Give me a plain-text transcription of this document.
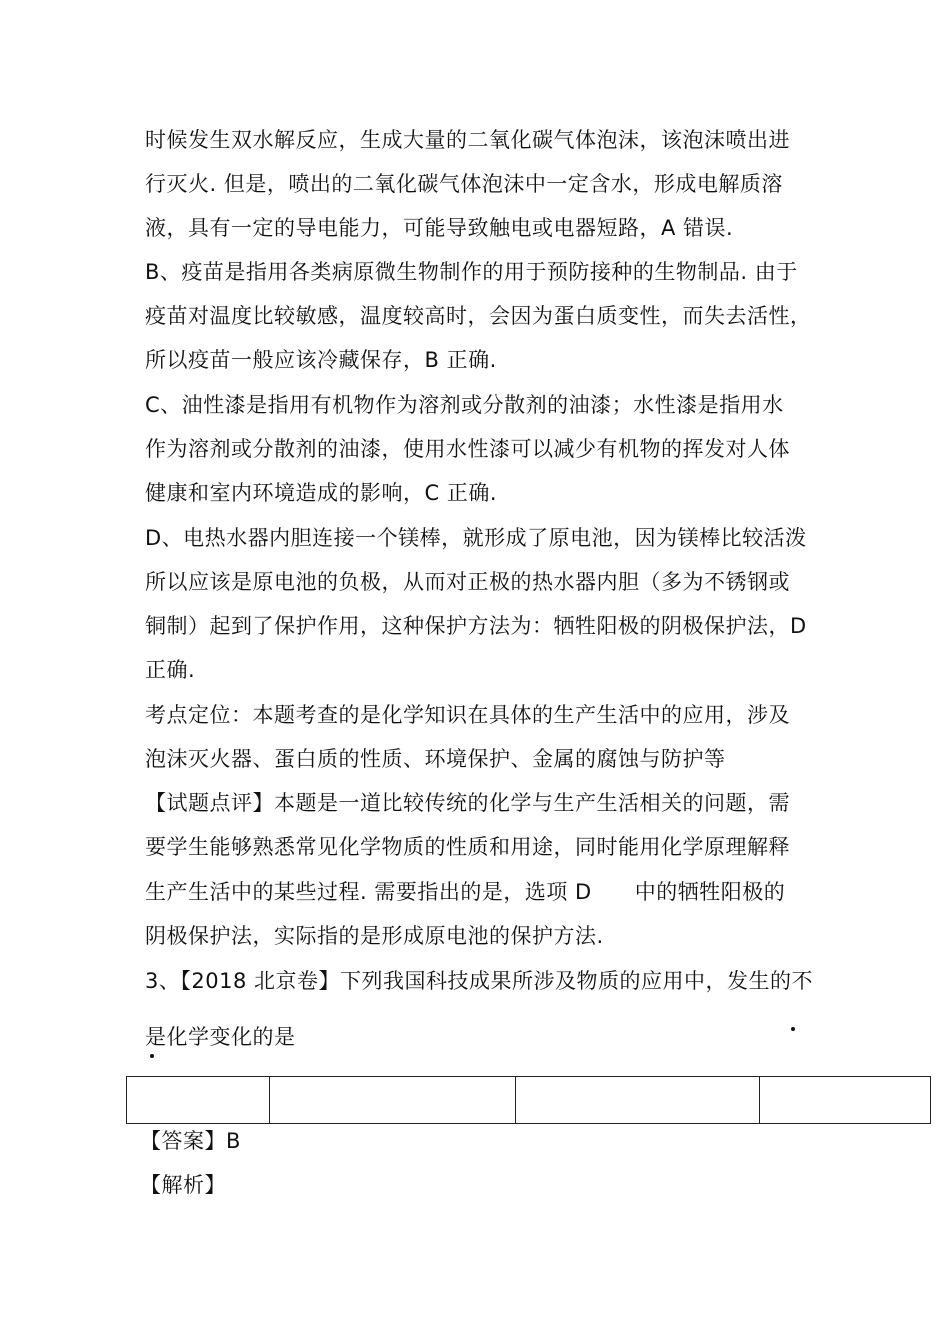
时候发生双水解反应，生成大量的二氧化碳气体泡沫，该泡沫喷出进
行灭火. 但是，喷出的二氧化碳气体泡沫中一定含水，形成电解质溶
液，具有一定的导电能力，可能导致触电或电器短路，A 错误.
B、疫苗是指用各类病原微生物制作的用于预防接种的生物制品. 由于
疫苗对温度比较敏感，温度较高时，会因为蛋白质变性，而失去活性，
所以疫苗一般应该冷藏保存，B 正确.
C、油性漆是指用有机物作为溶剂或分散剂的油漆；水性漆是指用水
作为溶剂或分散剂的油漆，使用水性漆可以减少有机物的挥发对人体
健康和室内环境造成的影响，C 正确.
D、电热水器内胆连接一个镁棒，就形成了原电池，因为镁棒比较活泼
所以应该是原电池的负极，从而对正极的热水器内胆（多为不锈钢或
铜制）起到了保护作用，这种保护方法为：牺牲阳极的阴极保护法，D
正确.
考点定位：本题考查的是化学知识在具体的生产生活中的应用，涉及
泡沫灭火器、蛋白质的性质、环境保护、金属的腐蚀与防护等
【试题点评】本题是一道比较传统的化学与生产生活相关的问题，需
要学生能够熟悉常见化学物质的性质和用途，同时能用化学原理解释
生产生活中的某些过程. 需要指出的是，选项 D　　中的牺牲阳极的
阴极保护法，实际指的是形成原电池的保护方法.
3、【2018 北京卷】下列我国科技成果所涉及物质的应用中，发生的不
是化学变化的是

【答案】B
【解析】
